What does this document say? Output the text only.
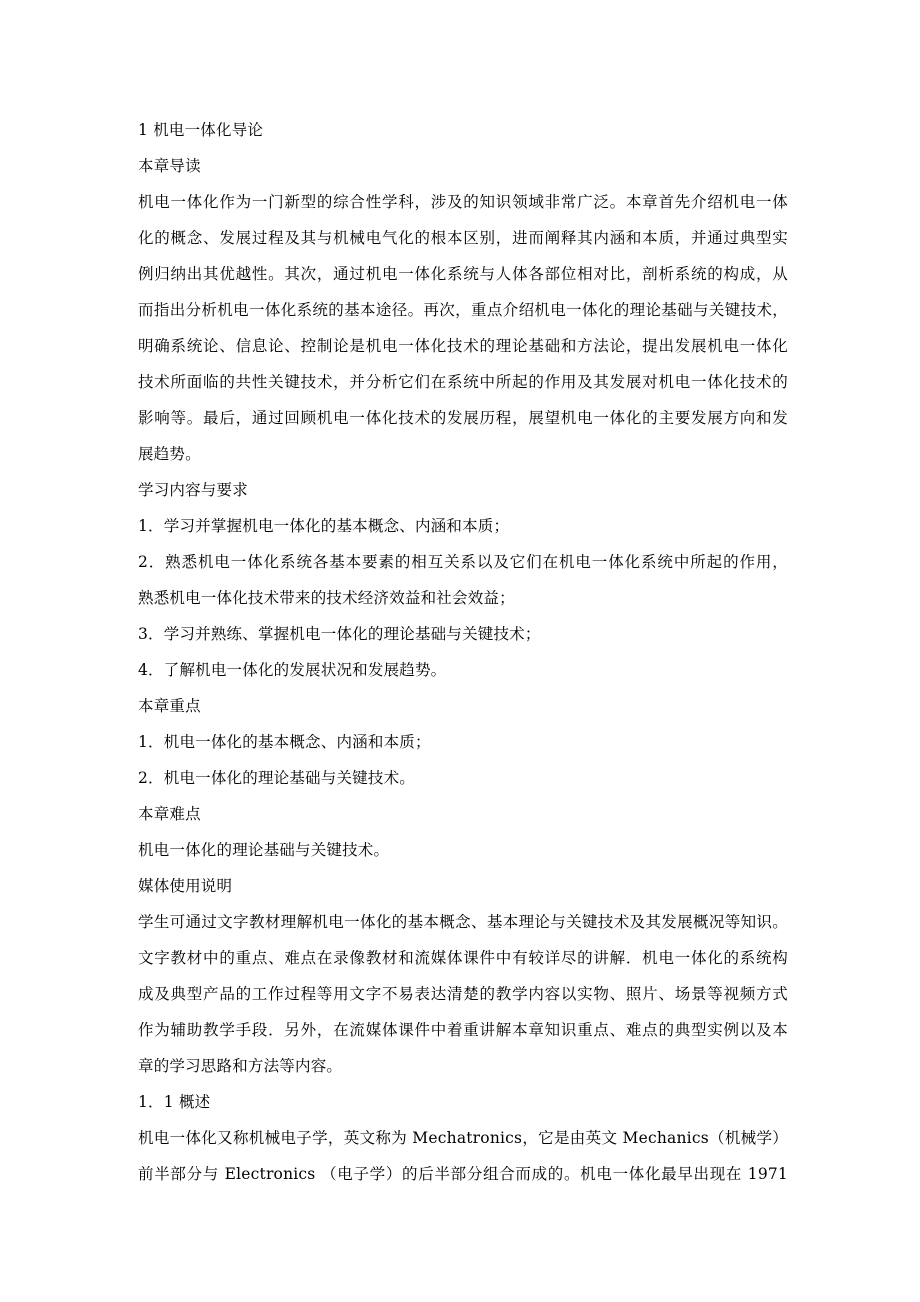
1 机电一体化导论
本章导读
机电一体化作为一门新型的综合性学科，涉及的知识领域非常广泛。本章首先介绍机电一体
化的概念、发展过程及其与机械电气化的根本区别，进而阐释其内涵和本质，并通过典型实
例归纳出其优越性。其次，通过机电一体化系统与人体各部位相对比，剖析系统的构成，从
而指出分析机电一体化系统的基本途径。再次，重点介绍机电一体化的理论基础与关键技术，
明确系统论、信息论、控制论是机电一体化技术的理论基础和方法论，提出发展机电一体化
技术所面临的共性关键技术，并分析它们在系统中所起的作用及其发展对机电一体化技术的
影响等。最后，通过回顾机电一体化技术的发展历程，展望机电一体化的主要发展方向和发
展趋势。
学习内容与要求
1．学习并掌握机电一体化的基本概念、内涵和本质；
2．熟悉机电一体化系统各基本要素的相互关系以及它们在机电一体化系统中所起的作用，
熟悉机电一体化技术带来的技术经济效益和社会效益；
3．学习并熟练、掌握机电一体化的理论基础与关键技术；
4．了解机电一体化的发展状况和发展趋势。
本章重点
1．机电一体化的基本概念、内涵和本质；
2．机电一体化的理论基础与关键技术。
本章难点
机电一体化的理论基础与关键技术。
媒体使用说明
学生可通过文字教材理解机电一体化的基本概念、基本理论与关键技术及其发展概况等知识。
文字教材中的重点、难点在录像教材和流媒体课件中有较详尽的讲解．机电一体化的系统构
成及典型产品的工作过程等用文字不易表达清楚的教学内容以实物、照片、场景等视频方式
作为辅助教学手段．另外，在流媒体课件中着重讲解本章知识重点、难点的典型实例以及本
章的学习思路和方法等内容。
1．1 概述
机电一体化又称机械电子学，英文称为 Mechatronics，它是由英文 Mechanics（机械学）
前半部分与 Electronics （电子学）的后半部分组合而成的。机电一体化最早出现在 1971
